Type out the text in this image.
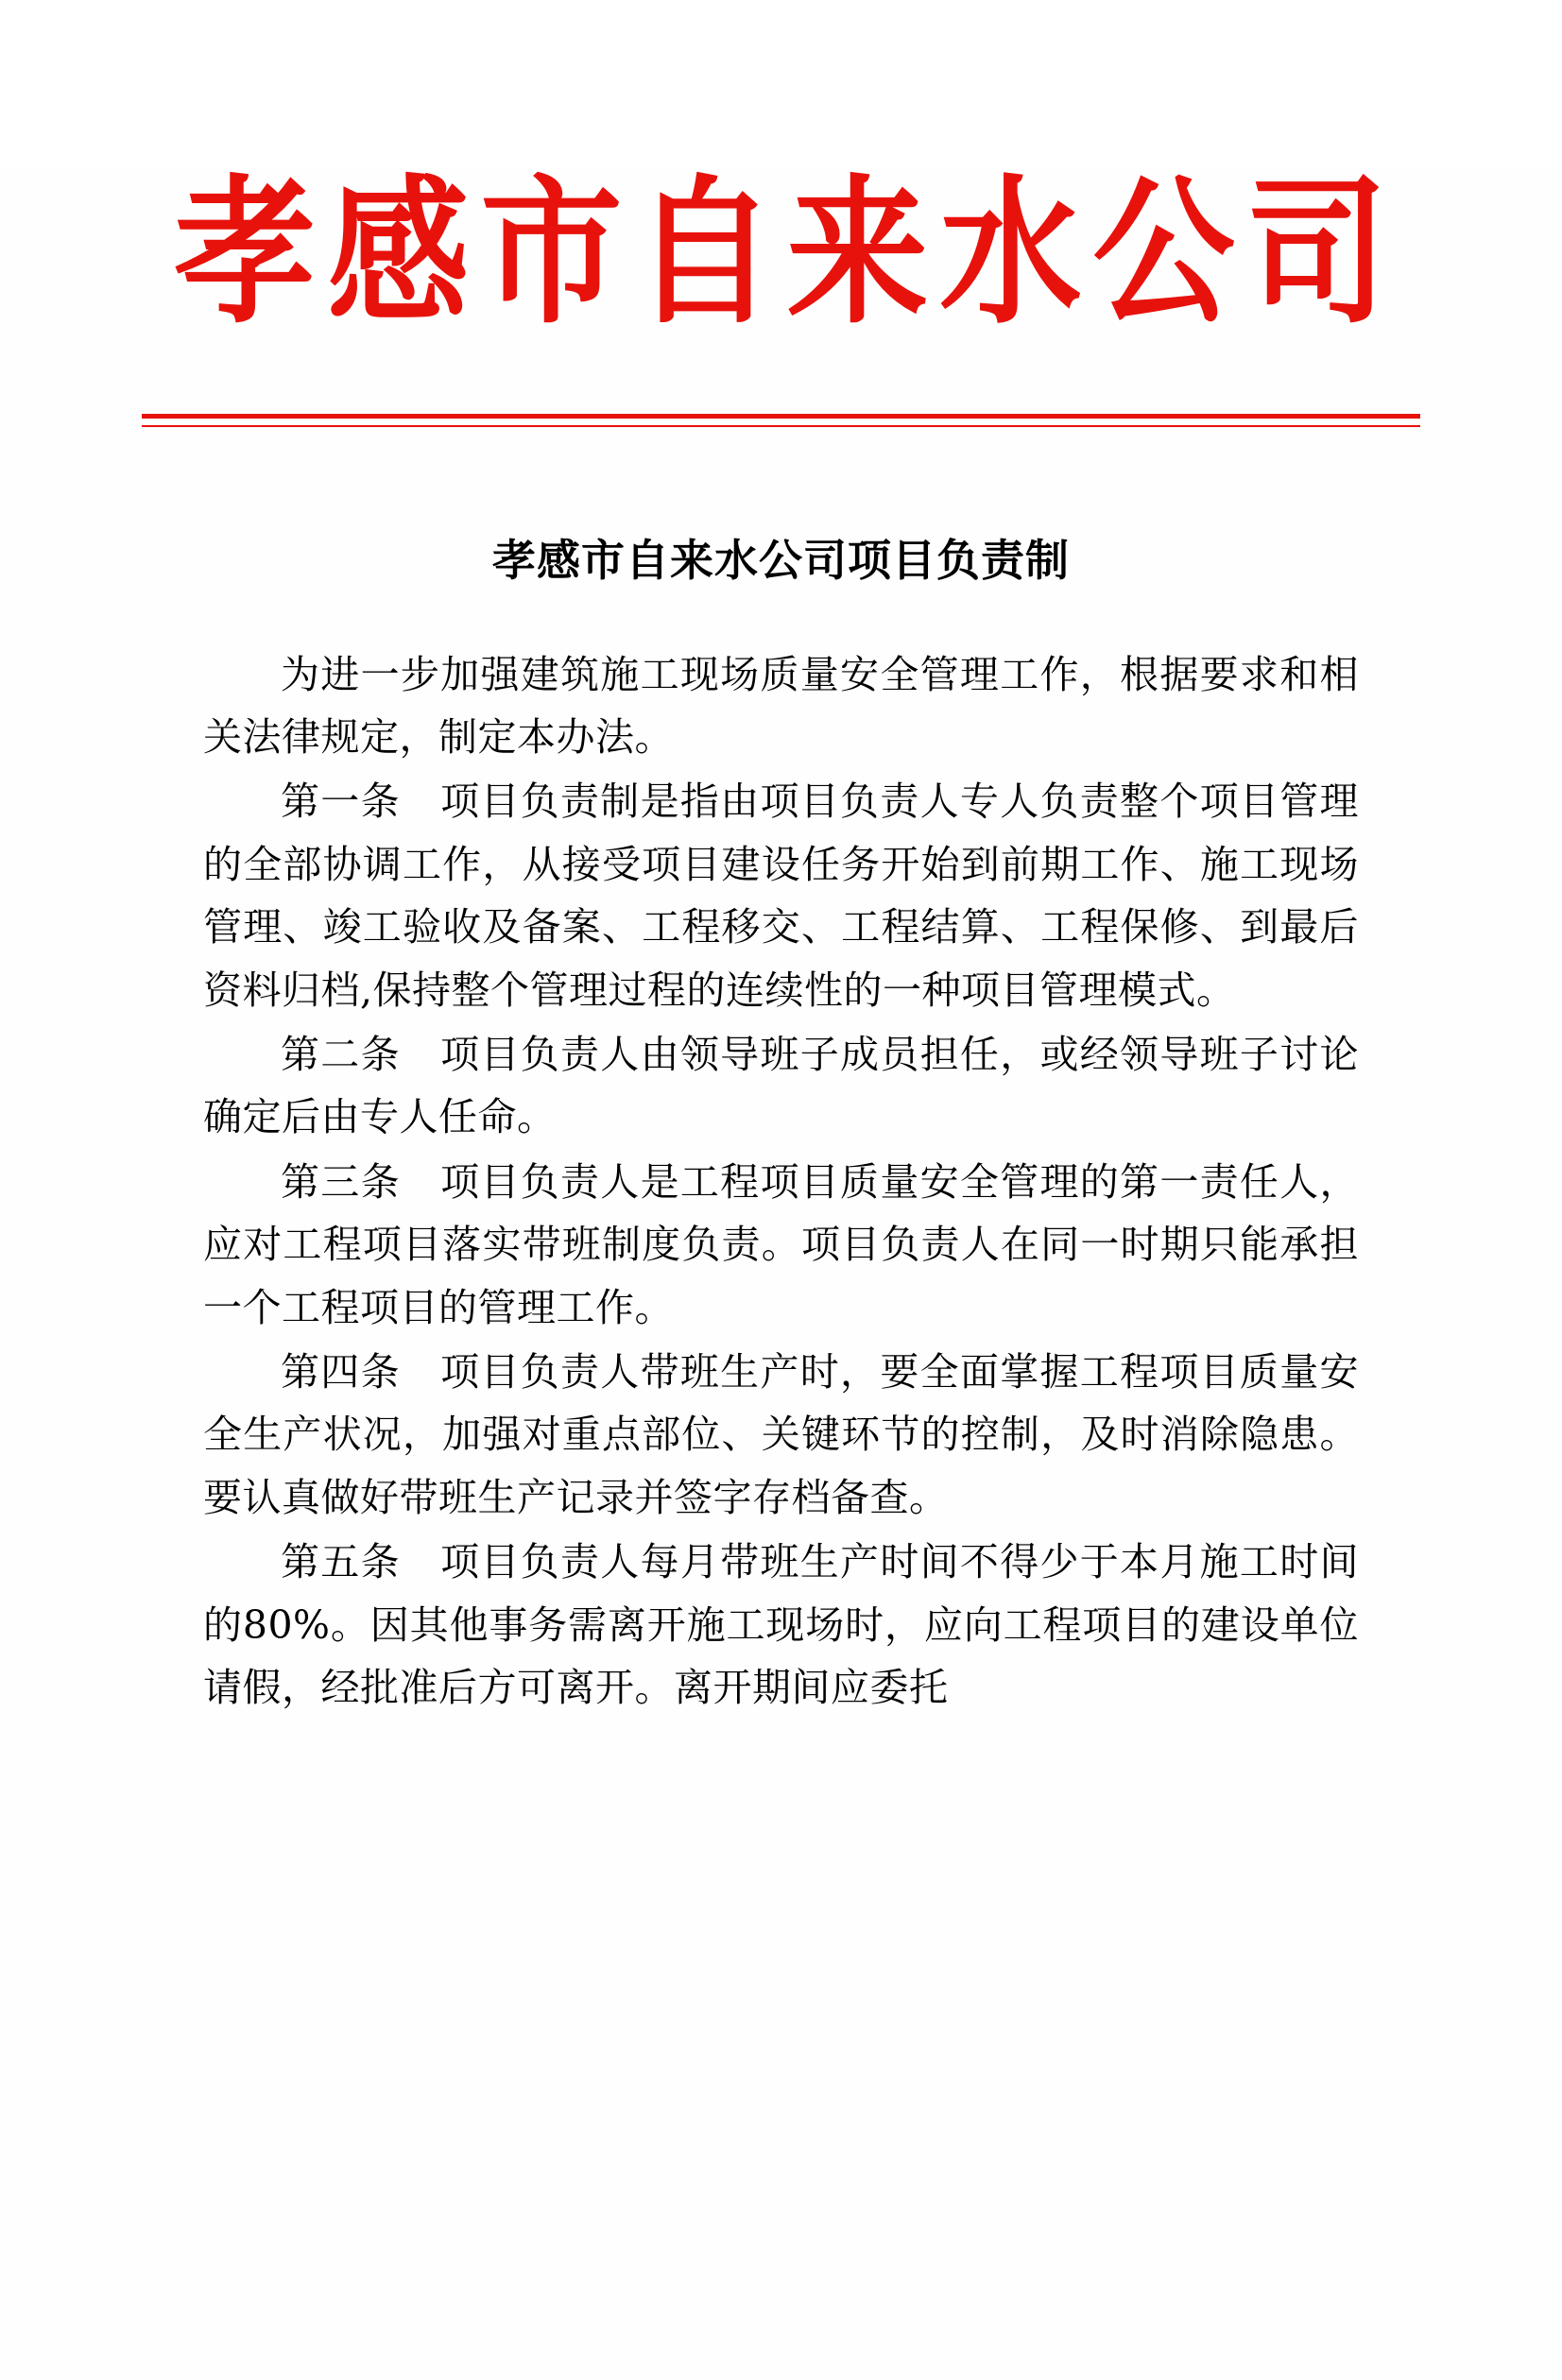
孝感市自来水公司
孝感市自来水公司项目负责制

为进一步加强建筑施工现场质量安全管理工作，根据要求和相关法律规定，制定本办法。

第一条　项目负责制是指由项目负责人专人负责整个项目管理的全部协调工作，从接受项目建设任务开始到前期工作、施工现场管理、竣工验收及备案、工程移交、工程结算、工程保修、到最后资料归档,保持整个管理过程的连续性的一种项目管理模式。

第二条　项目负责人由领导班子成员担任，或经领导班子讨论确定后由专人任命。

第三条　项目负责人是工程项目质量安全管理的第一责任人，应对工程项目落实带班制度负责。项目负责人在同一时期只能承担一个工程项目的管理工作。

第四条　项目负责人带班生产时，要全面掌握工程项目质量安全生产状况，加强对重点部位、关键环节的控制，及时消除隐患。要认真做好带班生产记录并签字存档备查。

第五条　项目负责人每月带班生产时间不得少于本月施工时间的80%。因其他事务需离开施工现场时，应向工程项目的建设单位请假，经批准后方可离开。离开期间应委托
